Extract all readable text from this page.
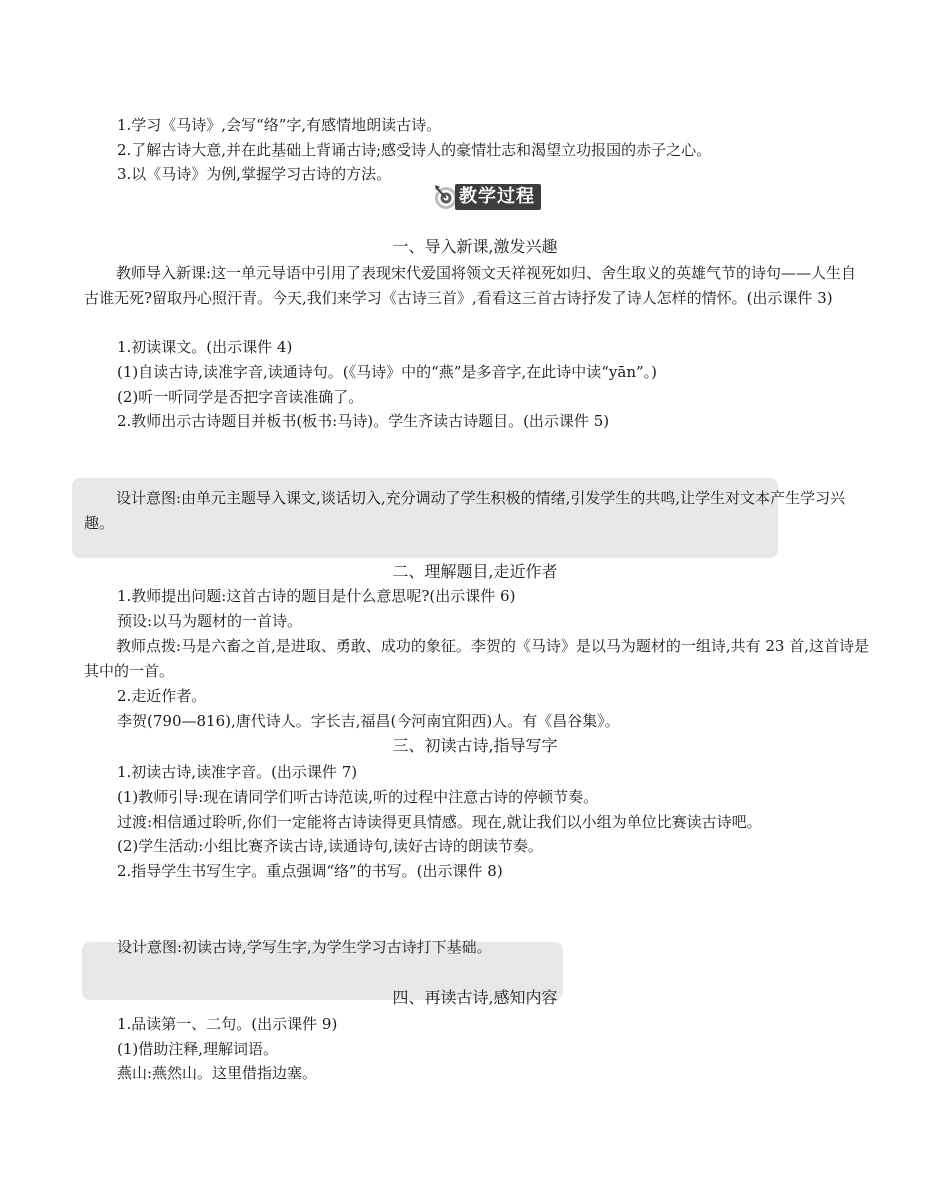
1.学习《马诗》,会写“络”字,有感情地朗读古诗。
2.了解古诗大意,并在此基础上背诵古诗;感受诗人的豪情壮志和渴望立功报国的赤子之心。
3.以《马诗》为例,掌握学习古诗的方法。
教学过程
一、导入新课,激发兴趣
教师导入新课:这一单元导语中引用了表现宋代爱国将领文天祥视死如归、舍生取义的英雄气节的诗句——人生自古谁无死?留取丹心照汗青。今天,我们来学习《古诗三首》,看看这三首古诗抒发了诗人怎样的情怀。(出示课件 3)
1.初读课文。(出示课件 4)
(1)自读古诗,读准字音,读通诗句。(《马诗》中的“燕”是多音字,在此诗中读“yān”。)
(2)听一听同学是否把字音读准确了。
2.教师出示古诗题目并板书(板书:马诗)。学生齐读古诗题目。(出示课件 5)
设计意图:由单元主题导入课文,谈话切入,充分调动了学生积极的情绪,引发学生的共鸣,让学生对文本产生学习兴趣。
二、理解题目,走近作者
1.教师提出问题:这首古诗的题目是什么意思呢?(出示课件 6)
预设:以马为题材的一首诗。
教师点拨:马是六畜之首,是进取、勇敢、成功的象征。李贺的《马诗》是以马为题材的一组诗,共有 23 首,这首诗是其中的一首。
2.走近作者。
李贺(790—816),唐代诗人。字长吉,福昌(今河南宜阳西)人。有《昌谷集》。
三、初读古诗,指导写字
1.初读古诗,读准字音。(出示课件 7)
(1)教师引导:现在请同学们听古诗范读,听的过程中注意古诗的停顿节奏。
过渡:相信通过聆听,你们一定能将古诗读得更具情感。现在,就让我们以小组为单位比赛读古诗吧。
(2)学生活动:小组比赛齐读古诗,读通诗句,读好古诗的朗读节奏。
2.指导学生书写生字。重点强调“络”的书写。(出示课件 8)
设计意图:初读古诗,学写生字,为学生学习古诗打下基础。
四、再读古诗,感知内容
1.品读第一、二句。(出示课件 9)
(1)借助注释,理解词语。
燕山:燕然山。这里借指边塞。
